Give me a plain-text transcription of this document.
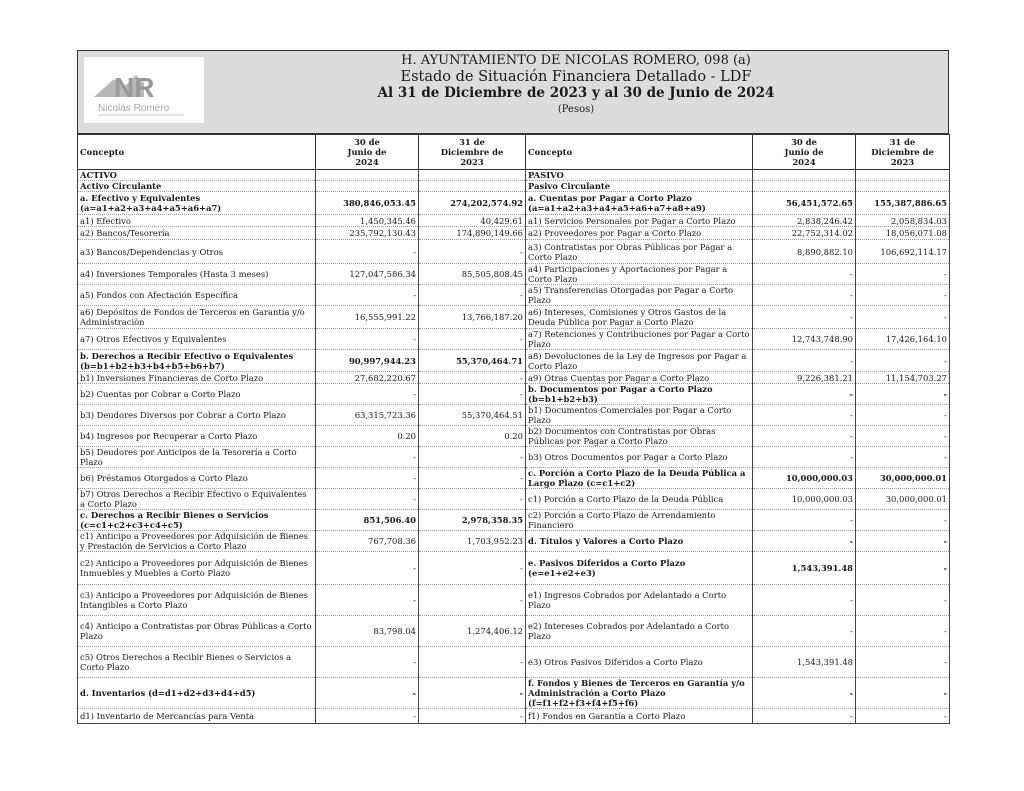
NR
Nicolás Romero
H. AYUNTAMIENTO DE NICOLAS ROMERO, 098 (a)
Estado de Situación Financiera Detallado - LDF
Al 31 de Diciembre de 2023 y al 30 de Junio de 2024
(Pesos)
Concepto	30 de
Junio de
2024	31 de
Diciembre de
2023	Concepto	30 de
Junio de
2024	31 de
Diciembre de
2023
ACTIVO			PASIVO		
Activo Circulante			Pasivo Circulante		
a. Efectivo y Equivalentes (a=a1+a2+a3+a4+a5+a6+a7)	380,846,053.45	274,202,574.92	a. Cuentas por Pagar a Corto Plazo (a=a1+a2+a3+a4+a5+a6+a7+a8+a9)	56,451,572.65	155,387,886.65
a1) Efectivo	1,450,345.46	40,429.61	a1) Servicios Personales por Pagar a Corto Plazo	2,838,246.42	2,058,834.03
a2) Bancos/Tesorería	235,792,130.43	174,890,149.66	a2) Proveedores por Pagar a Corto Plazo	22,752,314.02	18,056,071.08
a3) Bancos/Dependencias y Otros	-	-	a3) Contratistas por Obras Públicas por Pagar a Corto Plazo	8,890,882.10	106,692,114.17
a4) Inversiones Temporales (Hasta 3 meses)	127,047,586.34	85,505,808.45	a4) Participaciones y Aportaciones por Pagar a Corto Plazo	-	-
a5) Fondos con Afectación Específica	-	-	a5) Transferencias Otorgadas por Pagar a Corto Plazo	-	-
a6) Depósitos de Fondos de Terceros en Garantía y/o Administración	16,555,991.22	13,766,187.20	a6) Intereses, Comisiones y Otros Gastos de la Deuda Pública por Pagar a Corto Plazo	-	-
a7) Otros Efectivos y Equivalentes	-	-	a7) Retenciones y Contribuciones por Pagar a Corto Plazo	12,743,748.90	17,426,164.10
b. Derechos a Recibir Efectivo o Equivalentes (b=b1+b2+b3+b4+b5+b6+b7)	90,997,944.23	55,370,464.71	a8) Devoluciones de la Ley de Ingresos por Pagar a Corto Plazo	-	-
b1) Inversiones Financieras de Corto Plazo	27,682,220.67	-	a9) Otras Cuentas por Pagar a Corto Plazo	9,226,381.21	11,154,703.27
b2) Cuentas por Cobrar a Corto Plazo	-	-	b. Documentos por Pagar a Corto Plazo (b=b1+b2+b3)	-	-
b3) Deudores Diversos por Cobrar a Corto Plazo	63,315,723.36	55,370,464.51	b1) Documentos Comerciales por Pagar a Corto Plazo	-	-
b4) Ingresos por Recuperar a Corto Plazo	0.20	0.20	b2) Documentos con Contratistas por Obras Públicas por Pagar a Corto Plazo	-	-
b5) Deudores por Anticipos de la Tesorería a Corto Plazo	-	-	b3) Otros Documentos por Pagar a Corto Plazo	-	-
b6) Préstamos Otorgados a Corto Plazo	-	-	c. Porción a Corto Plazo de la Deuda Pública a Largo Plazo (c=c1+c2)	10,000,000.03	30,000,000.01
b7) Otros Derechos a Recibir Efectivo o Equivalentes a Corto Plazo	-	-	c1) Porción a Corto Plazo de la Deuda Pública	10,000,000.03	30,000,000.01
c. Derechos a Recibir Bienes o Servicios (c=c1+c2+c3+c4+c5)	851,506.40	2,978,358.35	c2) Porción a Corto Plazo de Arrendamiento Financiero	-	-
c1) Anticipo a Proveedores por Adquisición de Bienes y Prestación de Servicios a Corto Plazo	767,708.36	1,703,952.23	d. Títulos y Valores a Corto Plazo	-	-
c2) Anticipo a Proveedores por Adquisición de Bienes Inmuebles y Muebles a Corto Plazo	-	-	e. Pasivos Diferidos a Corto Plazo (e=e1+e2+e3)	1,543,391.48	-
c3) Anticipo a Proveedores por Adquisición de Bienes Intangibles a Corto Plazo	-	-	e1) Ingresos Cobrados por Adelantado a Corto Plazo	-	-
c4) Anticipo a Contratistas por Obras Públicas a Corto Plazo	83,798.04	1,274,406.12	e2) Intereses Cobrados por Adelantado a Corto Plazo	-	-
c5) Otros Derechos a Recibir Bienes o Servicios a Corto Plazo	-	-	e3) Otros Pasivos Diferidos a Corto Plazo	1,543,391.48	-
d. Inventarios (d=d1+d2+d3+d4+d5)	-	-	f. Fondos y Bienes de Terceros en Garantía y/o Administración a Corto Plazo (f=f1+f2+f3+f4+f5+f6)	-	-
d1) Inventario de Mercancías para Venta	-	-	f1) Fondos en Garantía a Corto Plazo	-	-
